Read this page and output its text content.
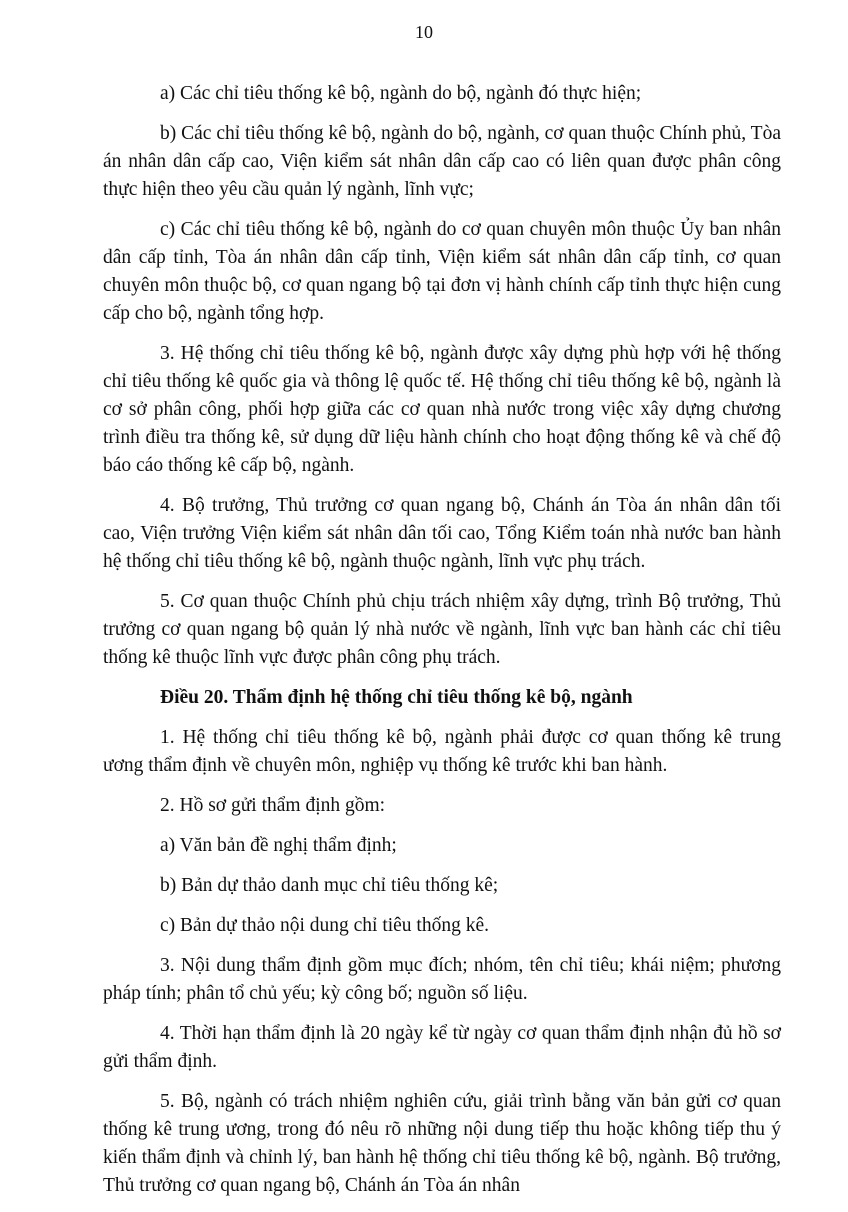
10

a) Các chỉ tiêu thống kê bộ, ngành do bộ, ngành đó thực hiện;

b) Các chỉ tiêu thống kê bộ, ngành do bộ, ngành, cơ quan thuộc Chính phủ, Tòa án nhân dân cấp cao, Viện kiểm sát nhân dân cấp cao có liên quan được phân công thực hiện theo yêu cầu quản lý ngành, lĩnh vực;

c) Các chỉ tiêu thống kê bộ, ngành do cơ quan chuyên môn thuộc Ủy ban nhân dân cấp tỉnh, Tòa án nhân dân cấp tỉnh, Viện kiểm sát nhân dân cấp tỉnh, cơ quan chuyên môn thuộc bộ, cơ quan ngang bộ tại đơn vị hành chính cấp tỉnh thực hiện cung cấp cho bộ, ngành tổng hợp.

3. Hệ thống chỉ tiêu thống kê bộ, ngành được xây dựng phù hợp với hệ thống chỉ tiêu thống kê quốc gia và thông lệ quốc tế. Hệ thống chỉ tiêu thống kê bộ, ngành là cơ sở phân công, phối hợp giữa các cơ quan nhà nước trong việc xây dựng chương trình điều tra thống kê, sử dụng dữ liệu hành chính cho hoạt động thống kê và chế độ báo cáo thống kê cấp bộ, ngành.

4. Bộ trưởng, Thủ trưởng cơ quan ngang bộ, Chánh án Tòa án nhân dân tối cao, Viện trưởng Viện kiểm sát nhân dân tối cao, Tổng Kiểm toán nhà nước ban hành hệ thống chỉ tiêu thống kê bộ, ngành thuộc ngành, lĩnh vực phụ trách.

5. Cơ quan thuộc Chính phủ chịu trách nhiệm xây dựng, trình Bộ trưởng, Thủ trưởng cơ quan ngang bộ quản lý nhà nước về ngành, lĩnh vực ban hành các chỉ tiêu thống kê thuộc lĩnh vực được phân công phụ trách.

Điều 20. Thẩm định hệ thống chỉ tiêu thống kê bộ, ngành

1. Hệ thống chỉ tiêu thống kê bộ, ngành phải được cơ quan thống kê trung ương thẩm định về chuyên môn, nghiệp vụ thống kê trước khi ban hành.

2. Hồ sơ gửi thẩm định gồm:

a) Văn bản đề nghị thẩm định;

b) Bản dự thảo danh mục chỉ tiêu thống kê;

c) Bản dự thảo nội dung chỉ tiêu thống kê.

3. Nội dung thẩm định gồm mục đích; nhóm, tên chỉ tiêu; khái niệm; phương pháp tính; phân tổ chủ yếu; kỳ công bố; nguồn số liệu.

4. Thời hạn thẩm định là 20 ngày kể từ ngày cơ quan thẩm định nhận đủ hồ sơ gửi thẩm định.

5. Bộ, ngành có trách nhiệm nghiên cứu, giải trình bằng văn bản gửi cơ quan thống kê trung ương, trong đó nêu rõ những nội dung tiếp thu hoặc không tiếp thu ý kiến thẩm định và chỉnh lý, ban hành hệ thống chỉ tiêu thống kê bộ, ngành. Bộ trưởng, Thủ trưởng cơ quan ngang bộ, Chánh án Tòa án nhân
